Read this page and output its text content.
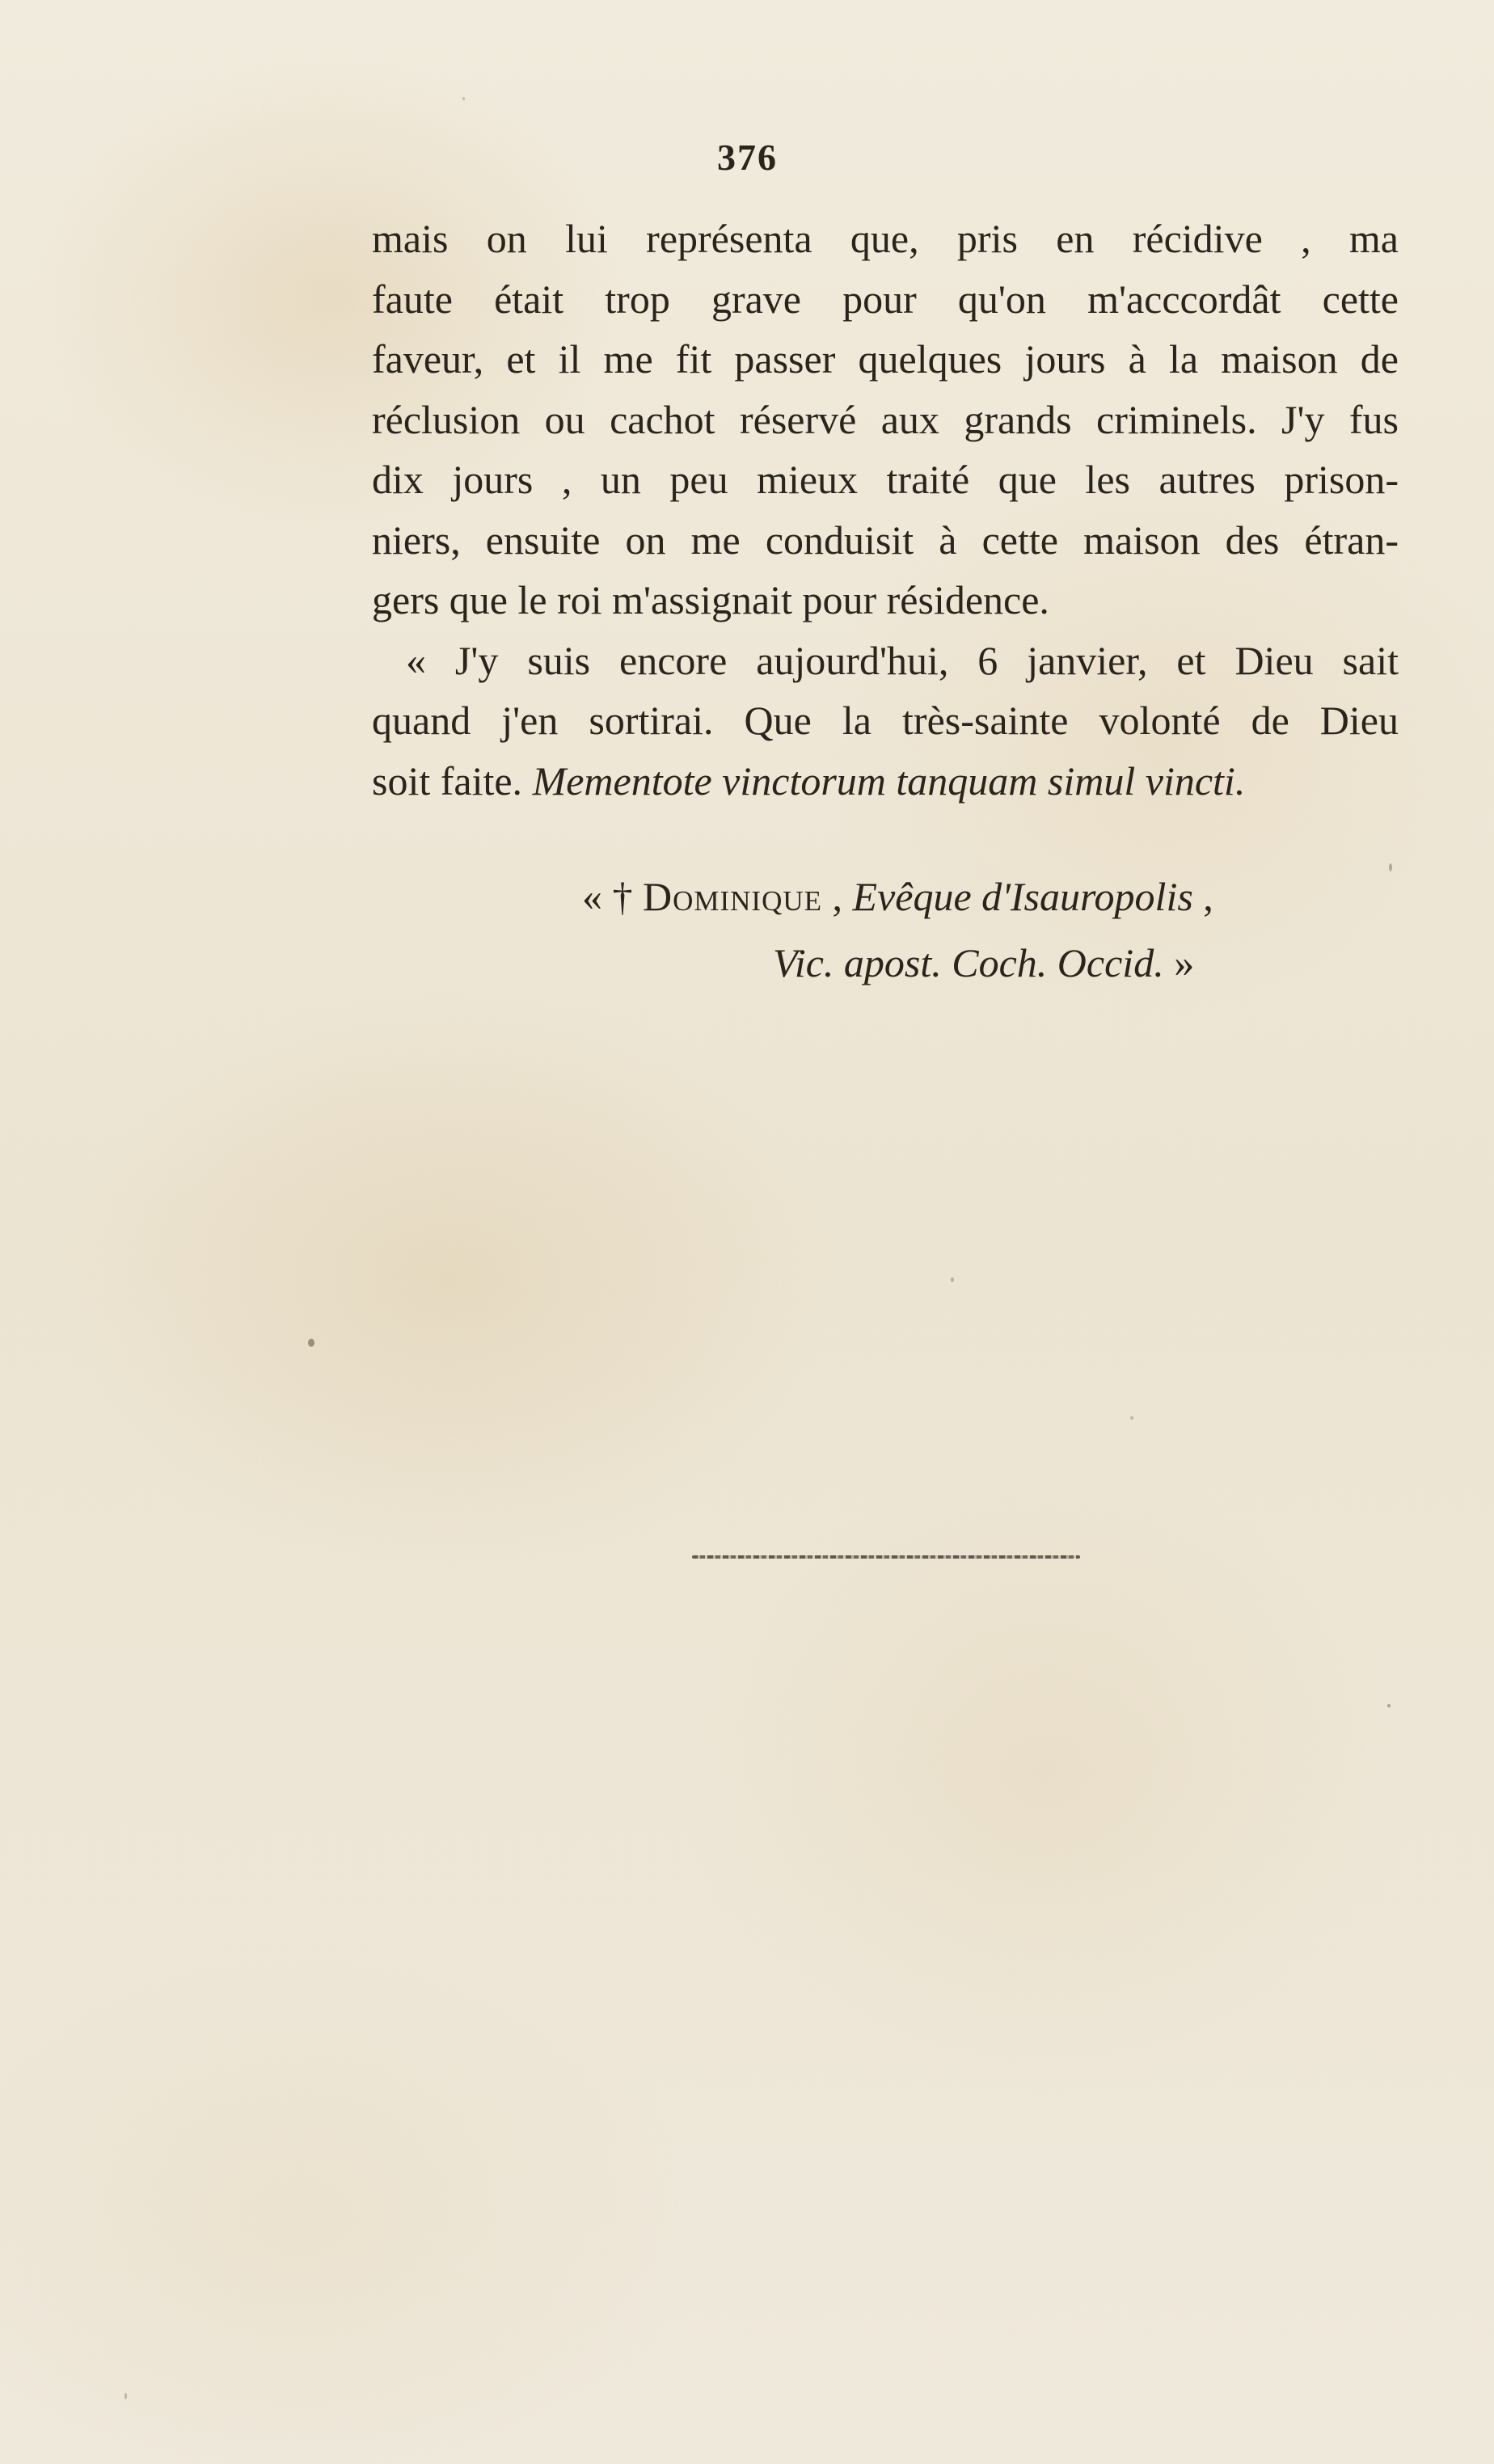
376
mais on lui représenta que, pris en récidive , ma
faute était trop grave pour qu'on m'acccordât cette
faveur, et il me fit passer quelques jours à la maison de
réclusion ou cachot réservé aux grands criminels. J'y fus
dix jours , un peu mieux traité que les autres prison-
niers, ensuite on me conduisit à cette maison des étran-
gers que le roi m'assignait pour résidence.
« J'y suis encore aujourd'hui, 6 janvier, et Dieu sait
quand j'en sortirai. Que la très-sainte volonté de Dieu
soit faite. Mementote vinctorum tanquam simul vincti.
« † Dominique , Evêque d'Isauropolis ,
Vic. apost. Coch. Occid. »
